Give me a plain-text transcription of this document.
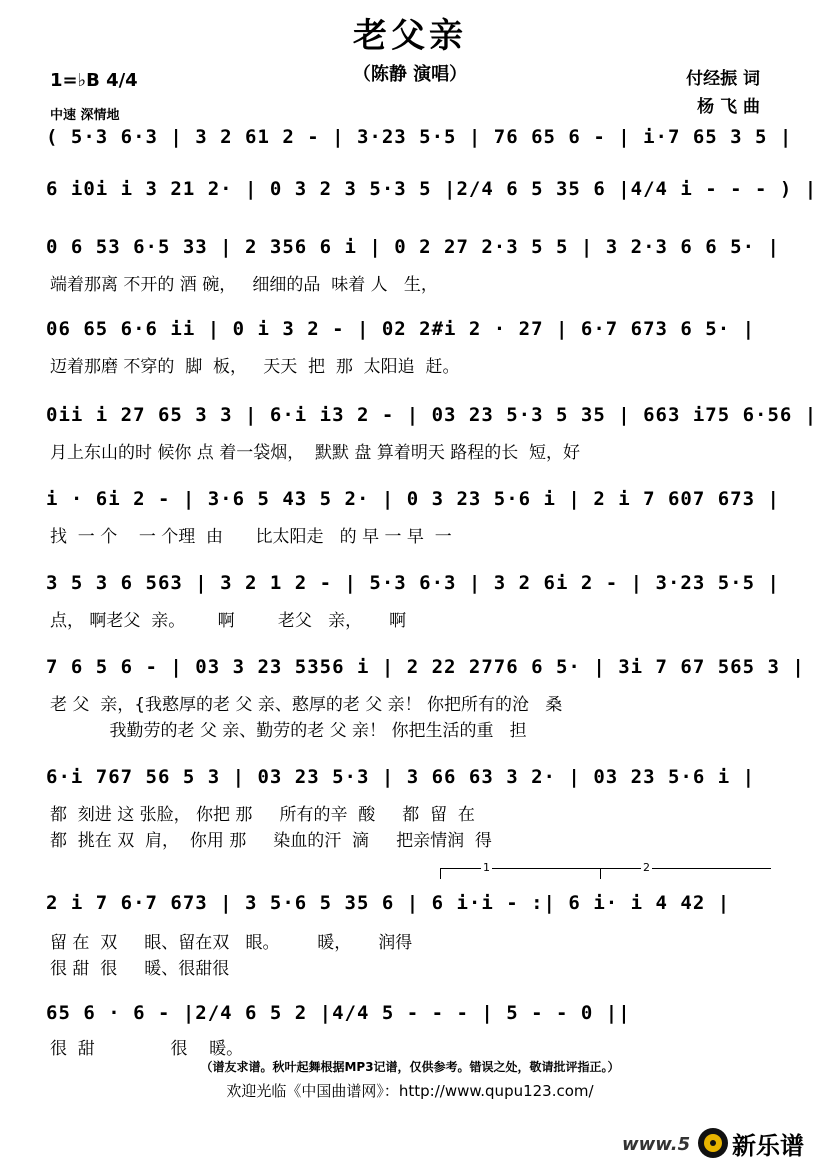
老父亲
（陈静 演唱）
1=♭B 4/4
中速 深情地
付经振 词
杨 飞 曲
( 5·3 6·3 | 3 2 61 2 - | 3·23 5·5 | 76 65 6 - | i·7 65 3 5 |
6 i0i i 3 21 2· | 0 3 2 3 5·3 5 |2/4 6 5 35 6 |4/4 i - - - ) |
0 6 53 6·5 33 | 2 356 6 i | 0 2 27 2·3 5 5 | 3 2·3 6 6 5· |
端着那离 不开的 酒 碗，   细细的品  味着 人   生，
06 65 6·6 ii | 0 i 3 2 - | 02 2#i 2 · 27 | 6·7 673 6 5· |
迈着那磨 不穿的  脚  板，   天天  把  那  太阳追  赶。
0ii i 27 65 3 3 | 6·i i3 2 - | 03 23 5·3 5 35 | 663 i75 6·56 |
月上东山的时 候你 点 着一袋烟，  默默 盘 算着明天 路程的长  短，好
i · 6i 2 - | 3·6 5 43 5 2· | 0 3 23 5·6 i | 2 i 7 607 673 |
找  一 个    一 个理  由      比太阳走   的 早 一 早  一
3 5 3 6 563 | 3 2 1 2 - | 5·3 6·3 | 3 2 6i 2 - | 3·23 5·5 |
点， 啊老父  亲。      啊        老父   亲，     啊
7 6 5 6 - | 03 3 23 5356 i | 2 22 2776 6 5· | 3i 7 67 565 3 |
老 父  亲，{我憨厚的老 父 亲、憨厚的老 父 亲！ 你把所有的沧   桑
我勤劳的老 父 亲、勤劳的老 父 亲！ 你把生活的重   担
6·i 767 56 5 3 | 03 23 5·3 | 3 66 63 3 2· | 03 23 5·6 i |
都  刻进 这 张脸， 你把 那     所有的辛  酸     都  留  在
都  挑在 双  肩，  你用 那     染血的汗  滴     把亲情润  得
1	2
2 i 7 6·7 673 | 3 5·6 5 35 6 | 6 i·i - :| 6 i· i 4 42 |
留 在  双     眼、留在双   眼。       暖，     润得
很 甜  很     暖、很甜很
65 6 · 6 - |2/4 6 5 2 |4/4 5 - - - | 5 - - 0 ||
很  甜              很    暖。
（谱友求谱。秋叶起舞根据MP3记谱，仅供参考。错误之处，敬请批评指正。）
欢迎光临《中国曲谱网》：http://www.qupu123.com/
www.5 新乐谱
